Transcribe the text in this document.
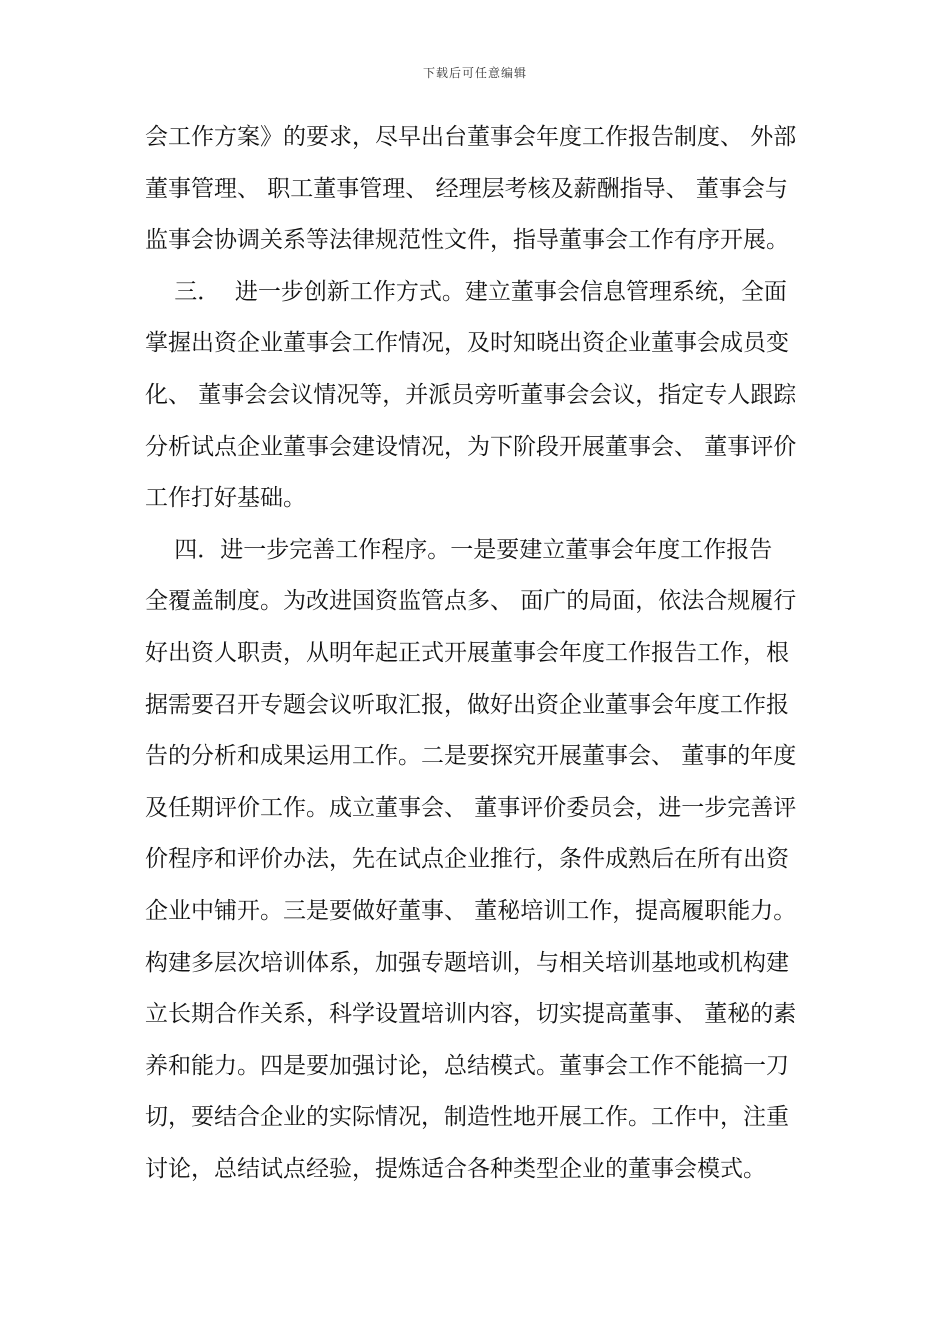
下载后可任意编辑
会工作方案》的要求，尽早出台董事会年度工作报告制度、 外部
董事管理、 职工董事管理、 经理层考核及薪酬指导、 董事会与
监事会协调关系等法律规范性文件，指导董事会工作有序开展。
三．  进一步创新工作方式。建立董事会信息管理系统，全面
掌握出资企业董事会工作情况，及时知晓出资企业董事会成员变
化、 董事会会议情况等，并派员旁听董事会会议，指定专人跟踪
分析试点企业董事会建设情况，为下阶段开展董事会、 董事评价
工作打好基础。
四．进一步完善工作程序。一是要建立董事会年度工作报告
全覆盖制度。为改进国资监管点多、 面广的局面，依法合规履行
好出资人职责，从明年起正式开展董事会年度工作报告工作，根
据需要召开专题会议听取汇报，做好出资企业董事会年度工作报
告的分析和成果运用工作。二是要探究开展董事会、 董事的年度
及任期评价工作。成立董事会、 董事评价委员会，进一步完善评
价程序和评价办法，先在试点企业推行，条件成熟后在所有出资
企业中铺开。三是要做好董事、 董秘培训工作，提高履职能力。
构建多层次培训体系，加强专题培训，与相关培训基地或机构建
立长期合作关系，科学设置培训内容，切实提高董事、 董秘的素
养和能力。四是要加强讨论，总结模式。董事会工作不能搞一刀
切，要结合企业的实际情况，制造性地开展工作。工作中，注重
讨论，总结试点经验，提炼适合各种类型企业的董事会模式。
